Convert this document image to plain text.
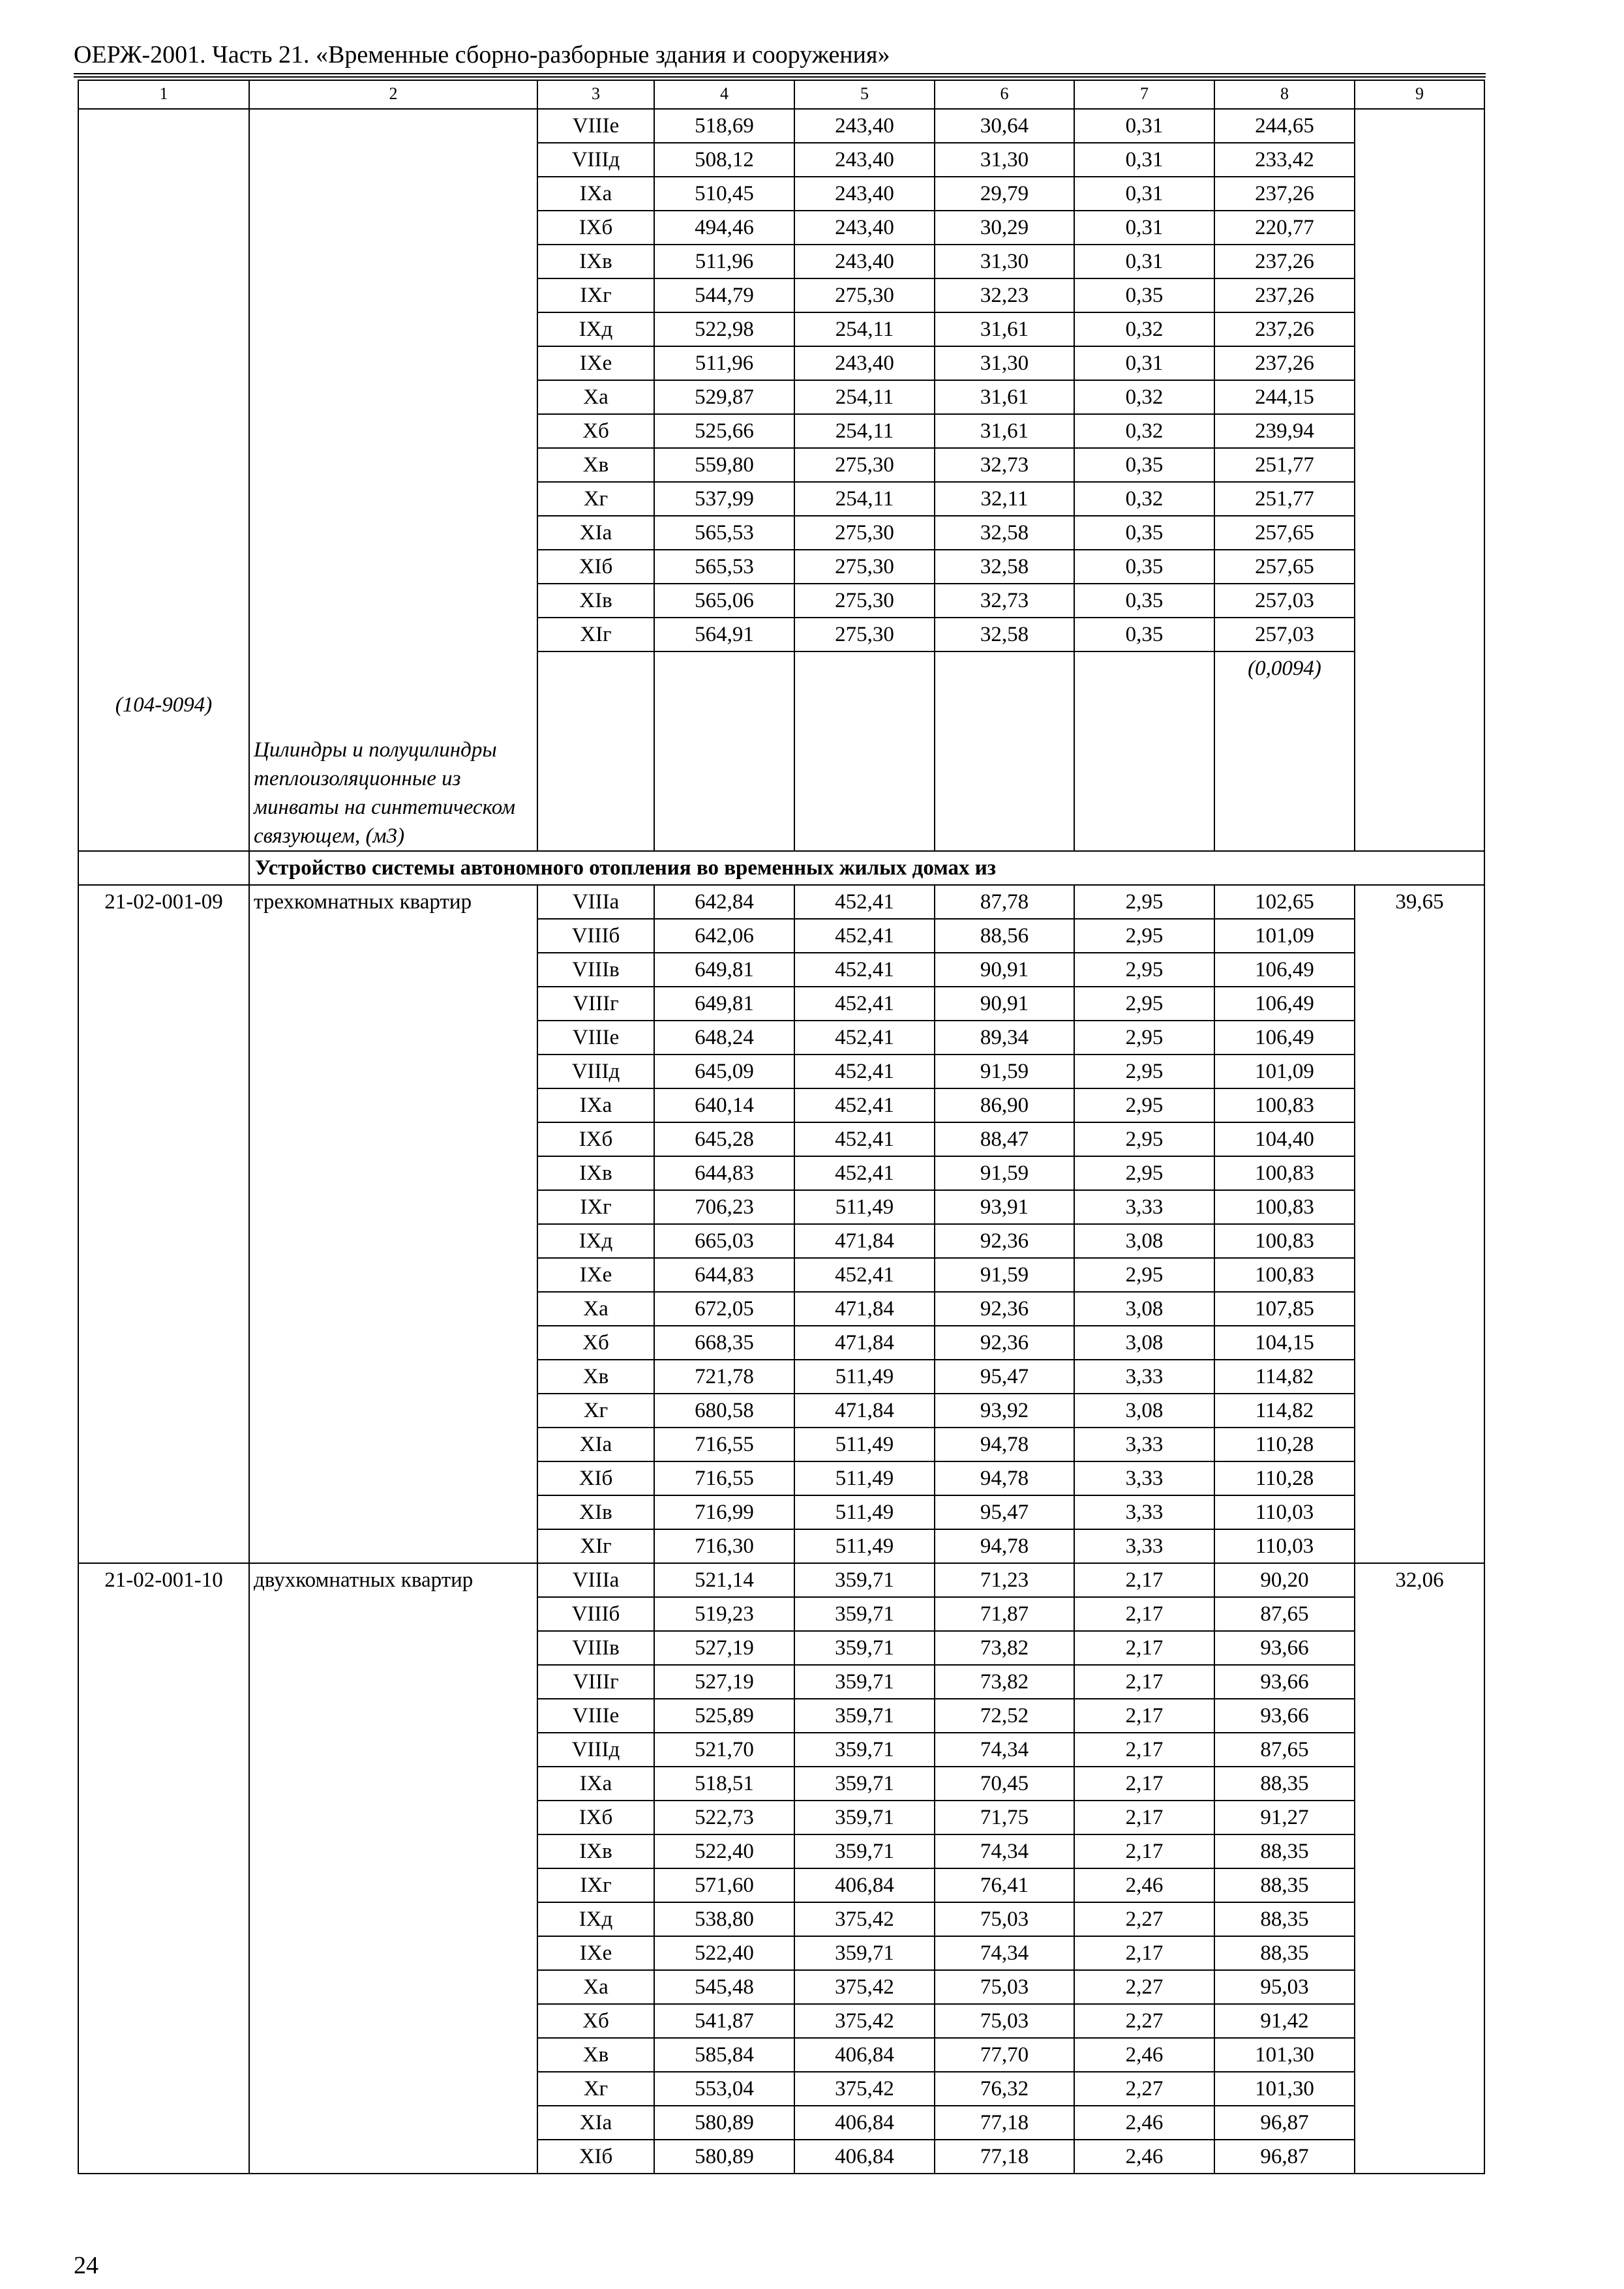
ОЕРЖ-2001. Часть 21. «Временные сборно-разборные здания и сооружения»
1	2	3	4	5	6	7	8	9

(104-9094)	Цилиндры и полуцилиндры теплоизоляционные из минваты на синтетическом связующем, (м3)	VIIIе	518,69	243,40	30,64	0,31	244,65	
		VIIIд	508,12	243,40	31,30	0,31	233,42	
		IXа	510,45	243,40	29,79	0,31	237,26	
		IXб	494,46	243,40	30,29	0,31	220,77	
		IXв	511,96	243,40	31,30	0,31	237,26	
		IXг	544,79	275,30	32,23	0,35	237,26	
		IXд	522,98	254,11	31,61	0,32	237,26	
		IXе	511,96	243,40	31,30	0,31	237,26	
		Xа	529,87	254,11	31,61	0,32	244,15	
		Xб	525,66	254,11	31,61	0,32	239,94	
		Xв	559,80	275,30	32,73	0,35	251,77	
		Xг	537,99	254,11	32,11	0,32	251,77	
		XIа	565,53	275,30	32,58	0,35	257,65	
		XIб	565,53	275,30	32,58	0,35	257,65	
		XIв	565,06	275,30	32,73	0,35	257,03	
		XIг	564,91	275,30	32,58	0,35	257,03	

							(0,0094)	

	Устройство системы автономного отопления во временных жилых домах из							
21-02-001-09	трехкомнатных квартир	VIIIа	642,84	452,41	87,78	2,95	102,65	39,65
		VIIIб	642,06	452,41	88,56	2,95	101,09	
		VIIIв	649,81	452,41	90,91	2,95	106,49	
		VIIIг	649,81	452,41	90,91	2,95	106,49	
		VIIIе	648,24	452,41	89,34	2,95	106,49	
		VIIIд	645,09	452,41	91,59	2,95	101,09	
		IXа	640,14	452,41	86,90	2,95	100,83	
		IXб	645,28	452,41	88,47	2,95	104,40	
		IXв	644,83	452,41	91,59	2,95	100,83	
		IXг	706,23	511,49	93,91	3,33	100,83	
		IXд	665,03	471,84	92,36	3,08	100,83	
		IXе	644,83	452,41	91,59	2,95	100,83	
		Xа	672,05	471,84	92,36	3,08	107,85	
		Xб	668,35	471,84	92,36	3,08	104,15	
		Xв	721,78	511,49	95,47	3,33	114,82	
		Xг	680,58	471,84	93,92	3,08	114,82	
		XIа	716,55	511,49	94,78	3,33	110,28	
		XIб	716,55	511,49	94,78	3,33	110,28	
		XIв	716,99	511,49	95,47	3,33	110,03	
		XIг	716,30	511,49	94,78	3,33	110,03	
21-02-001-10	двухкомнатных квартир	VIIIа	521,14	359,71	71,23	2,17	90,20	32,06
		VIIIб	519,23	359,71	71,87	2,17	87,65	
		VIIIв	527,19	359,71	73,82	2,17	93,66	
		VIIIг	527,19	359,71	73,82	2,17	93,66	
		VIIIе	525,89	359,71	72,52	2,17	93,66	
		VIIIд	521,70	359,71	74,34	2,17	87,65	
		IXа	518,51	359,71	70,45	2,17	88,35	
		IXб	522,73	359,71	71,75	2,17	91,27	
		IXв	522,40	359,71	74,34	2,17	88,35	
		IXг	571,60	406,84	76,41	2,46	88,35	
		IXд	538,80	375,42	75,03	2,27	88,35	
		IXе	522,40	359,71	74,34	2,17	88,35	
		Xа	545,48	375,42	75,03	2,27	95,03	
		Xб	541,87	375,42	75,03	2,27	91,42	
		Xв	585,84	406,84	77,70	2,46	101,30	
		Xг	553,04	375,42	76,32	2,27	101,30	
		XIа	580,89	406,84	77,18	2,46	96,87	
		XIб	580,89	406,84	77,18	2,46	96,87	
24
